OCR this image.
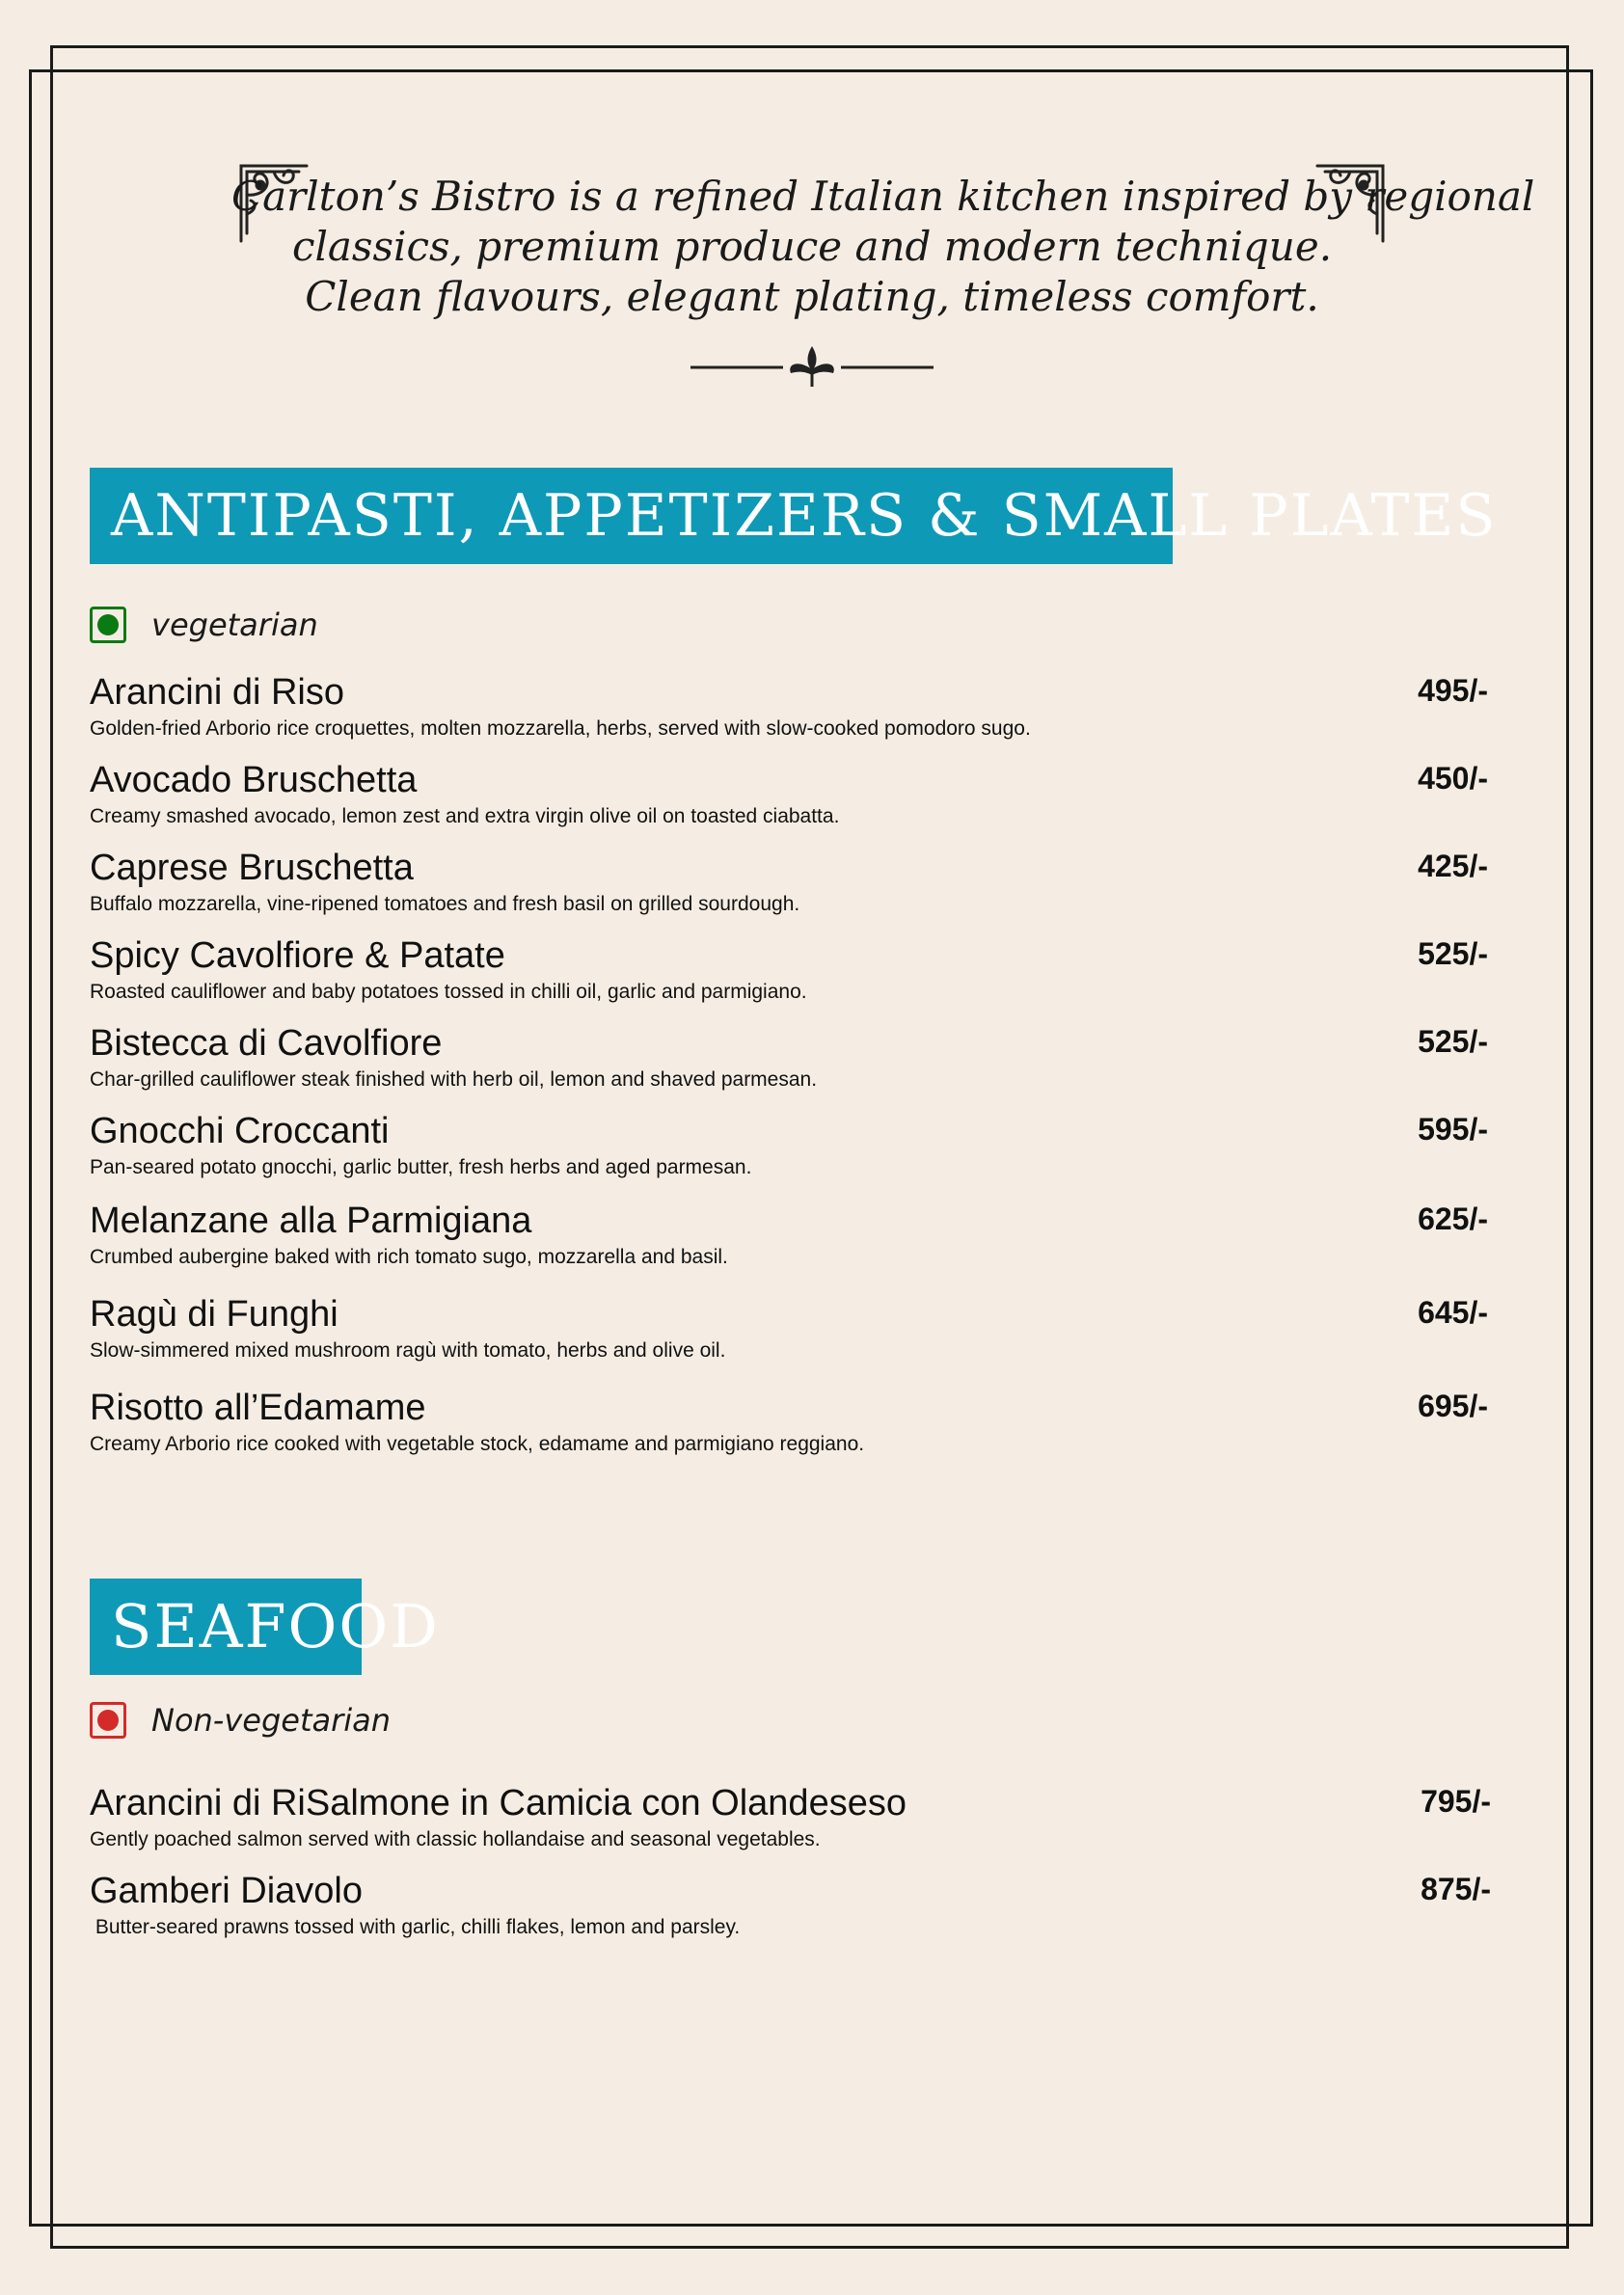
Carlton’s Bistro is a refined Italian kitchen inspired by regional
classics, premium produce and modern technique.
Clean flavours, elegant plating, timeless comfort.
ANTIPASTI, APPETIZERS & SMALL PLATES
vegetarian
Arancini di Riso
Golden-fried Arborio rice croquettes, molten mozzarella, herbs, served with slow-cooked pomodoro sugo.
495/-
Avocado Bruschetta
Creamy smashed avocado, lemon zest and extra virgin olive oil on toasted ciabatta.
450/-
Caprese Bruschetta
Buffalo mozzarella, vine-ripened tomatoes and fresh basil on grilled sourdough.
425/-
Spicy Cavolfiore & Patate
Roasted cauliflower and baby potatoes tossed in chilli oil, garlic and parmigiano.
525/-
Bistecca di Cavolfiore
Char-grilled cauliflower steak finished with herb oil, lemon and shaved parmesan.
525/-
Gnocchi Croccanti
Pan-seared potato gnocchi, garlic butter, fresh herbs and aged parmesan.
595/-
Melanzane alla Parmigiana
Crumbed aubergine baked with rich tomato sugo, mozzarella and basil.
625/-
Ragù di Funghi
Slow-simmered mixed mushroom ragù with tomato, herbs and olive oil.
645/-
Risotto all’Edamame
Creamy Arborio rice cooked with vegetable stock, edamame and parmigiano reggiano.
695/-
SEAFOOD
Non-vegetarian
Arancini di RiSalmone in Camicia con Olandeseso
Gently poached salmon served with classic hollandaise and seasonal vegetables.
795/-
Gamberi Diavolo
Butter-seared prawns tossed with garlic, chilli flakes, lemon and parsley.
875/-
